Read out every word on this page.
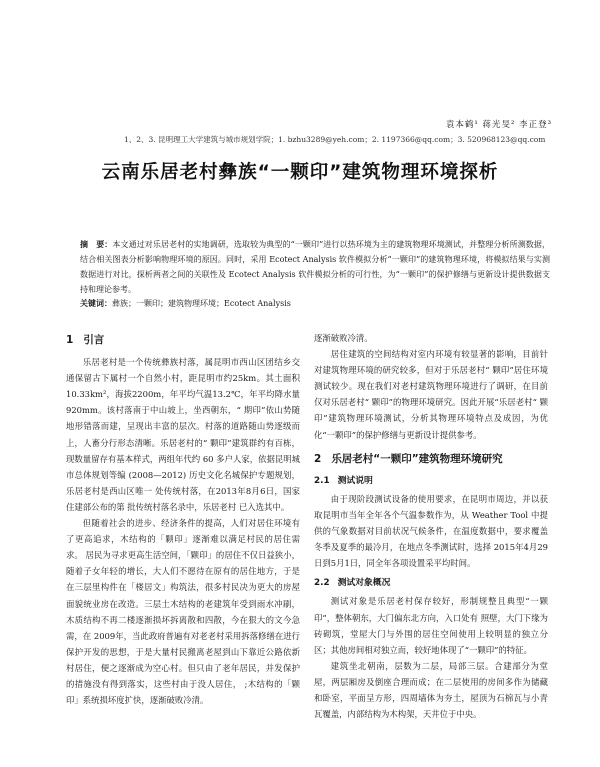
袁本鹤¹ 蒋光旻² 李正登³
1、2、3. 昆明理工大学建筑与城市规划学院；1. bzhu3289@yeh.com；2. 1197366@qq.com；3. 520968123@qq.com
云南乐居老村彝族“一颗印”建筑物理环境探析
摘　要：本文通过对乐居老村的实地调研，选取较为典型的“一颗印”进行以热环境为主的建筑物理环境测试，并整理分析所测数据，结合相关图表分析影响物理环境的原因。同时，采用 Ecotect Analysis 软件模拟分析“一颗印”的建筑物理环境，将模拟结果与实测数据进行对比，探析两者之间的关联性及 Ecotect Analysis 软件模拟分析的可行性，为“一颗印”的保护修缮与更新设计提供数据支持和理论参考。
关键词：彝族；一颗印；建筑物理环境；Ecotect Analysis
1 引言

乐居老村是一个传统彝族村落，属昆明市西山区团结乡交通保留古下属村一个自然小村，距昆明市约25km。其土面积10.33km²，海拔2200m，年平均气温13.2℃，年平均降水量920mm。该村落南于中山坡上，坐西朝东，“ 期印”依山势随地形错落而建，呈现出丰富的层次。村落的道路随山势逐级而上，人畜分行形态清晰。乐居老村的“ 颗印”建筑群约有百栋，现数量留存有基本样式，两组年代约 60 多户人家，依据昆明城市总体规划等编 (2008—2012) 历史文化名城保护专题规划，乐居老村是西山区唯一 处传统村落，在2013年8月6日，国家住建部公布的第 批传统村落名录中，乐居老村 已入选其中。

但随着社会的进步、经济条件的提高，人们对居住环境有了更高追求，木结构的「颗印」逐渐难以满足村民的居住需求。 居民为寻求更高生活空间，「颗印」的居住不仅日益狭小，随着子女年轻的增长，大人们不愿待在原有的居住地方，于是在三层里构件在「楼居文」构筑法，很多村民决为更大的房屋面貌统业房在改造。三层土木结构的老建筑年受到雨水冲刷，木质结构不再二楼逐渐损坏拆离散和四散，今在狠大的文今急需，在 2009年，当此政府普遍有对老老村采用拆落修缮在进行保护开发的思想，于是大量村民搬离老屋到山下靠近公路依新村居住，便之逐渐成为空心村。但只由了老年居民，并发保护的措施没有得到落实，这些村由于没人居住， ;木结构的「颗印」系统损坏度扩快，逐渐破败冷清。

逐渐破败冷清。

居住建筑的空间结构对室内环境有较显著的影响，目前针对建筑物理环境的研究较多，但对于乐居老村“ 颗印”居住环境测试较少。现在我们对老村建筑物理环境进行了调研，在目前仅对乐居老村“ 颗印”的物理环境研究。因此开展“乐居老村“ 颗印”建筑物理环境测试，分析其物理环境特点及成因，为优化“一颗印”的保护修缮与更新设计提供参考。

2 乐居老村“一颗印”建筑物理环境研究
2.1 测试说明

由于现阶段测试设备的使用要求，在昆明市周边，并以获取昆明市当年全年各个气温参数作为，从 Weather Tool 中提供的气象数据对目前状况气候条件，在温度数据中，要求覆盖冬季及夏季的最冷月，在地点冬季测试时，选择 2015年4月29日到5月1日，同全年各项设置采平均时间。

2.2 测试对象概况

测试对象是乐居老村保存较好，形制规整且典型“一颗印”，整体朝东，大门偏东北方向，入口处有 照壁，大门下缘为砖砌筑，堂屋大门与外围的居住空间使用上较明显的独立分区；其他房间相对独立而，较好地体现了“一颗印”的特征。

建筑坐北朝南，层数为二层，局部三层。合建部分为堂屋，两层厢房及倒座合理而成；在二层使用的房间多作为储藏和卧室，平面呈方形，四周墙体为夯土，屋顶为石棉瓦与小青瓦覆盖，内部结构为木构架，天井位于中央。
